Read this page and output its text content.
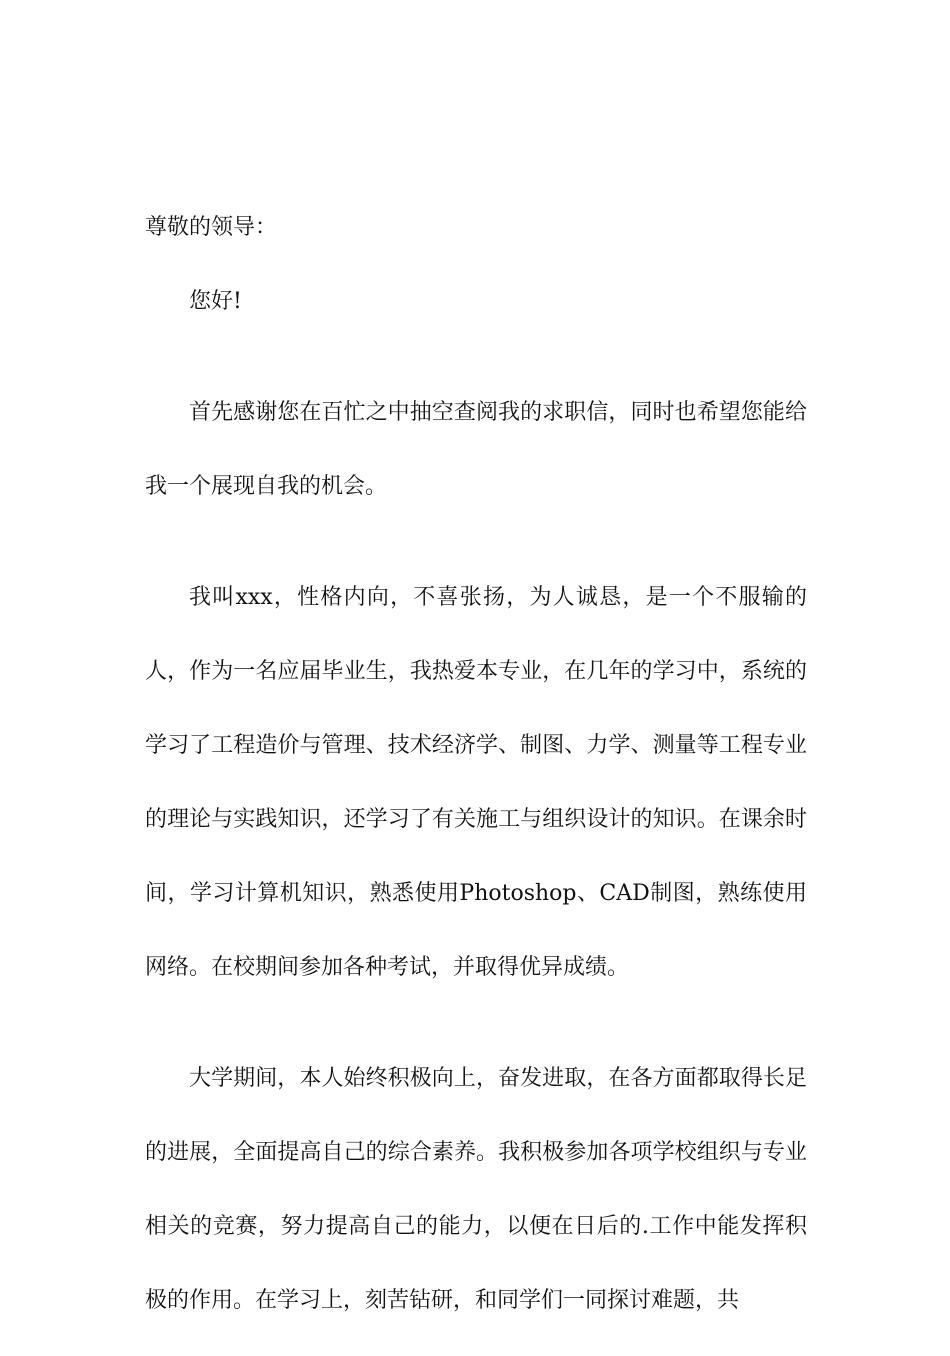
尊敬的领导：

您好!

首先感谢您在百忙之中抽空查阅我的求职信，同时也希望您能给我一个展现自我的机会。

我叫xxx，性格内向，不喜张扬，为人诚恳，是一个不服输的人，作为一名应届毕业生，我热爱本专业，在几年的学习中，系统的学习了工程造价与管理、技术经济学、制图、力学、测量等工程专业的理论与实践知识，还学习了有关施工与组织设计的知识。在课余时间，学习计算机知识，熟悉使用Photoshop、CAD制图，熟练使用网络。在校期间参加各种考试，并取得优异成绩。

大学期间，本人始终积极向上，奋发进取，在各方面都取得长足的进展，全面提高自己的综合素养。我积极参加各项学校组织与专业相关的竞赛，努力提高自己的能力，以便在日后的.工作中能发挥积极的作用。在学习上，刻苦钻研，和同学们一同探讨难题，共
